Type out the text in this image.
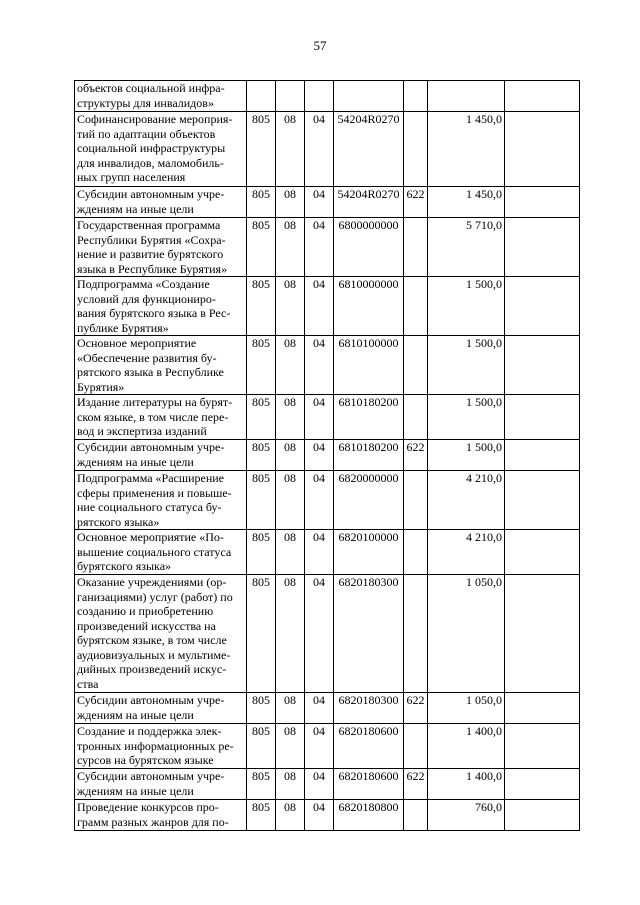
57
объектов социальной инфра-структуры для инвалидов»							
Софинансирование мероприя-тий по адаптации объектов социальной инфраструктуры для инвалидов, маломобиль-ных групп населения	805	08	04	54204R0270		1 450,0	
Субсидии автономным учре-ждениям на иные цели	805	08	04	54204R0270	622	1 450,0	
Государственная программа Республики Бурятия «Сохра-нение и развитие бурятского языка в Республике Бурятия»	805	08	04	6800000000		5 710,0	
Подпрограмма «Создание условий для функциониро-вания бурятского языка в Рес-публике Бурятия»	805	08	04	6810000000		1 500,0	
Основное мероприятие «Обеспечение развития бу-рятского языка в Республике Бурятия»	805	08	04	6810100000		1 500,0	
Издание литературы на бурят-ском языке, в том числе пере-вод и экспертиза изданий	805	08	04	6810180200		1 500,0	
Субсидии автономным учре-ждениям на иные цели	805	08	04	6810180200	622	1 500,0	
Подпрограмма «Расширение сферы применения и повыше-ние социального статуса бу-рятского языка»	805	08	04	6820000000		4 210,0	
Основное мероприятие «По-вышение социального статуса бурятского языка»	805	08	04	6820100000		4 210,0	
Оказание учреждениями (ор-ганизациями) услуг (работ) по созданию и приобретению произведений искусства на бурятском языке, в том числе аудиовизуальных и мультиме-дийных произведений искус-ства	805	08	04	6820180300		1 050,0	
Субсидии автономным учре-ждениям на иные цели	805	08	04	6820180300	622	1 050,0	
Создание и поддержка элек-тронных информационных ре-сурсов на бурятском языке	805	08	04	6820180600		1 400,0	
Субсидии автономным учре-ждениям на иные цели	805	08	04	6820180600	622	1 400,0	
Проведение конкурсов про-грамм разных жанров для по-	805	08	04	6820180800		760,0	
